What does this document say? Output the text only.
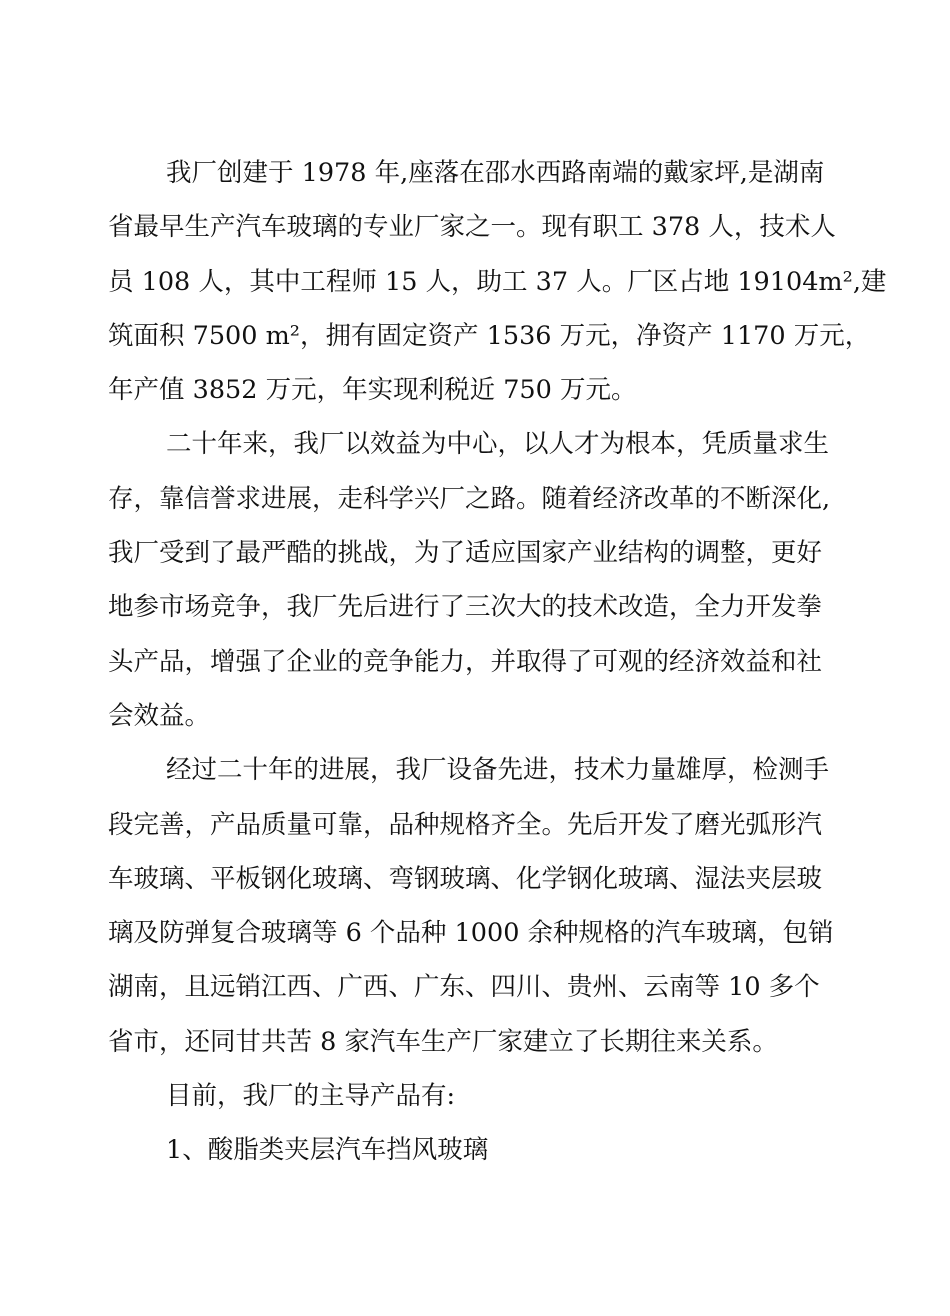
我厂创建于 1978 年,座落在邵水西路南端的戴家坪,是湖南

省最早生产汽车玻璃的专业厂家之一。现有职工 378 人，技术人

员 108 人，其中工程师 15 人，助工 37 人。厂区占地 19104m²,建

筑面积 7500 m²，拥有固定资产 1536 万元，净资产 1170 万元，

年产值 3852 万元，年实现利税近 750 万元。

二十年来，我厂以效益为中心，以人才为根本，凭质量求生

存，靠信誉求进展，走科学兴厂之路。随着经济改革的不断深化,

我厂受到了最严酷的挑战，为了适应国家产业结构的调整，更好

地参市场竞争，我厂先后进行了三次大的技术改造，全力开发拳

头产品，增强了企业的竞争能力，并取得了可观的经济效益和社

会效益。

经过二十年的进展，我厂设备先进，技术力量雄厚，检测手

段完善，产品质量可靠，品种规格齐全。先后开发了磨光弧形汽

车玻璃、平板钢化玻璃、弯钢玻璃、化学钢化玻璃、湿法夹层玻

璃及防弹复合玻璃等 6 个品种 1000 余种规格的汽车玻璃，包销

湖南，且远销江西、广西、广东、四川、贵州、云南等 10 多个

省市，还同甘共苦 8 家汽车生产厂家建立了长期往来关系。

目前，我厂的主导产品有:

1、酸脂类夹层汽车挡风玻璃
